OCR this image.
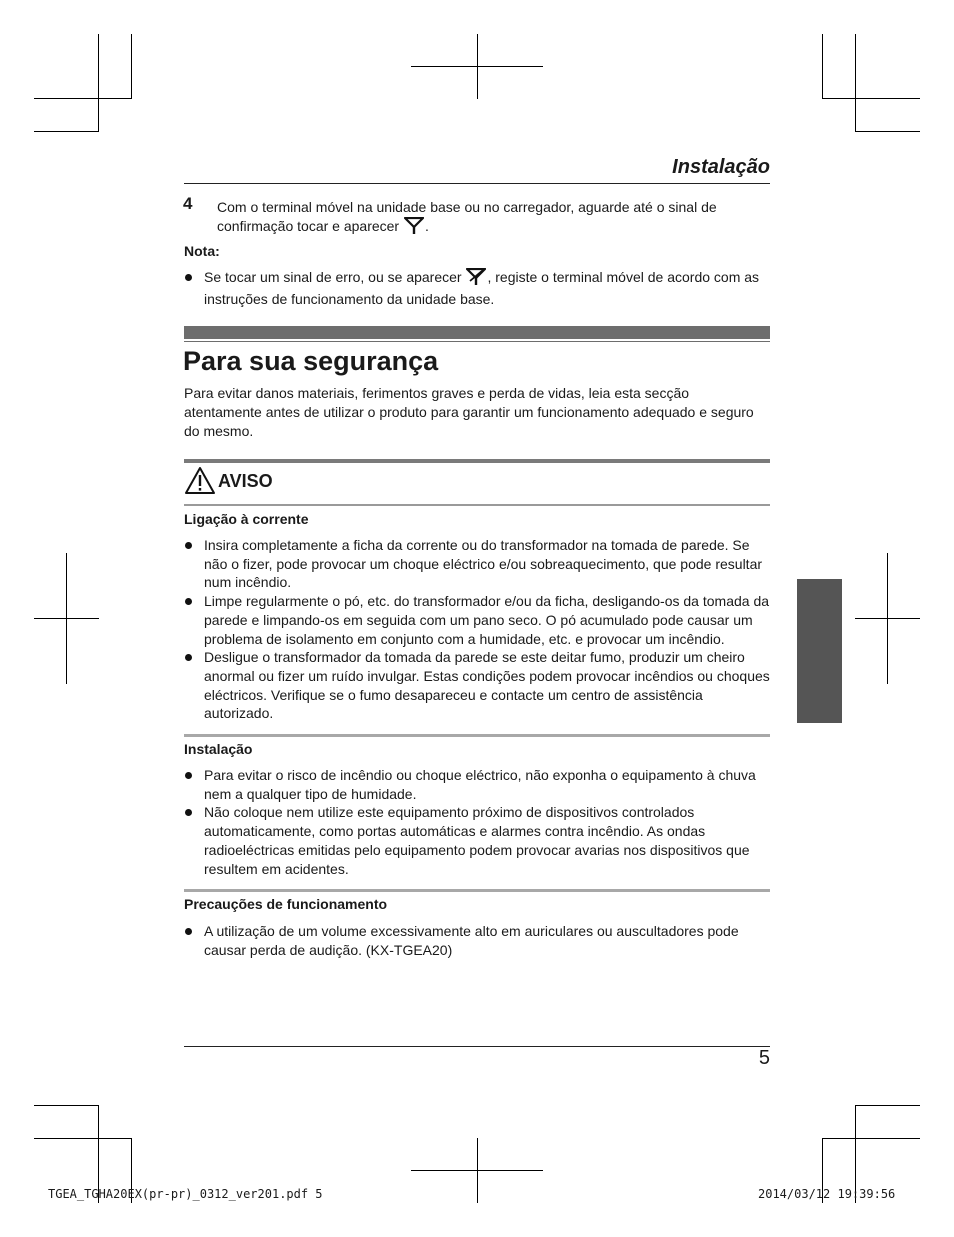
Instalação
4 Com o terminal móvel na unidade base ou no carregador, aguarde até o sinal de confirmação tocar e aparecer .
Nota:
Se tocar um sinal de erro, ou se aparecer , registe o terminal móvel de acordo com as instruções de funcionamento da unidade base.
Para sua segurança
Para evitar danos materiais, ferimentos graves e perda de vidas, leia esta secção atentamente antes de utilizar o produto para garantir um funcionamento adequado e seguro do mesmo.
AVISO
Ligação à corrente
Insira completamente a ficha da corrente ou do transformador na tomada de parede. Se não o fizer, pode provocar um choque eléctrico e/ou sobreaquecimento, que pode resultar num incêndio.
Limpe regularmente o pó, etc. do transformador e/ou da ficha, desligando-os da tomada da parede e limpando-os em seguida com um pano seco. O pó acumulado pode causar um problema de isolamento em conjunto com a humidade, etc. e provocar um incêndio.
Desligue o transformador da tomada da parede se este deitar fumo, produzir um cheiro anormal ou fizer um ruído invulgar. Estas condições podem provocar incêndios ou choques eléctricos. Verifique se o fumo desapareceu e contacte um centro de assistência autorizado.
Instalação
Para evitar o risco de incêndio ou choque eléctrico, não exponha o equipamento à chuva nem a qualquer tipo de humidade.
Não coloque nem utilize este equipamento próximo de dispositivos controlados automaticamente, como portas automáticas e alarmes contra incêndio. As ondas radioeléctricas emitidas pelo equipamento podem provocar avarias nos dispositivos que resultem em acidentes.
Precauções de funcionamento
A utilização de um volume excessivamente alto em auriculares ou auscultadores pode causar perda de audição. (KX-TGEA20)
5
TGEA_TGHA20EX(pr-pr)_0312_ver201.pdf 5	2014/03/12 19:39:56
